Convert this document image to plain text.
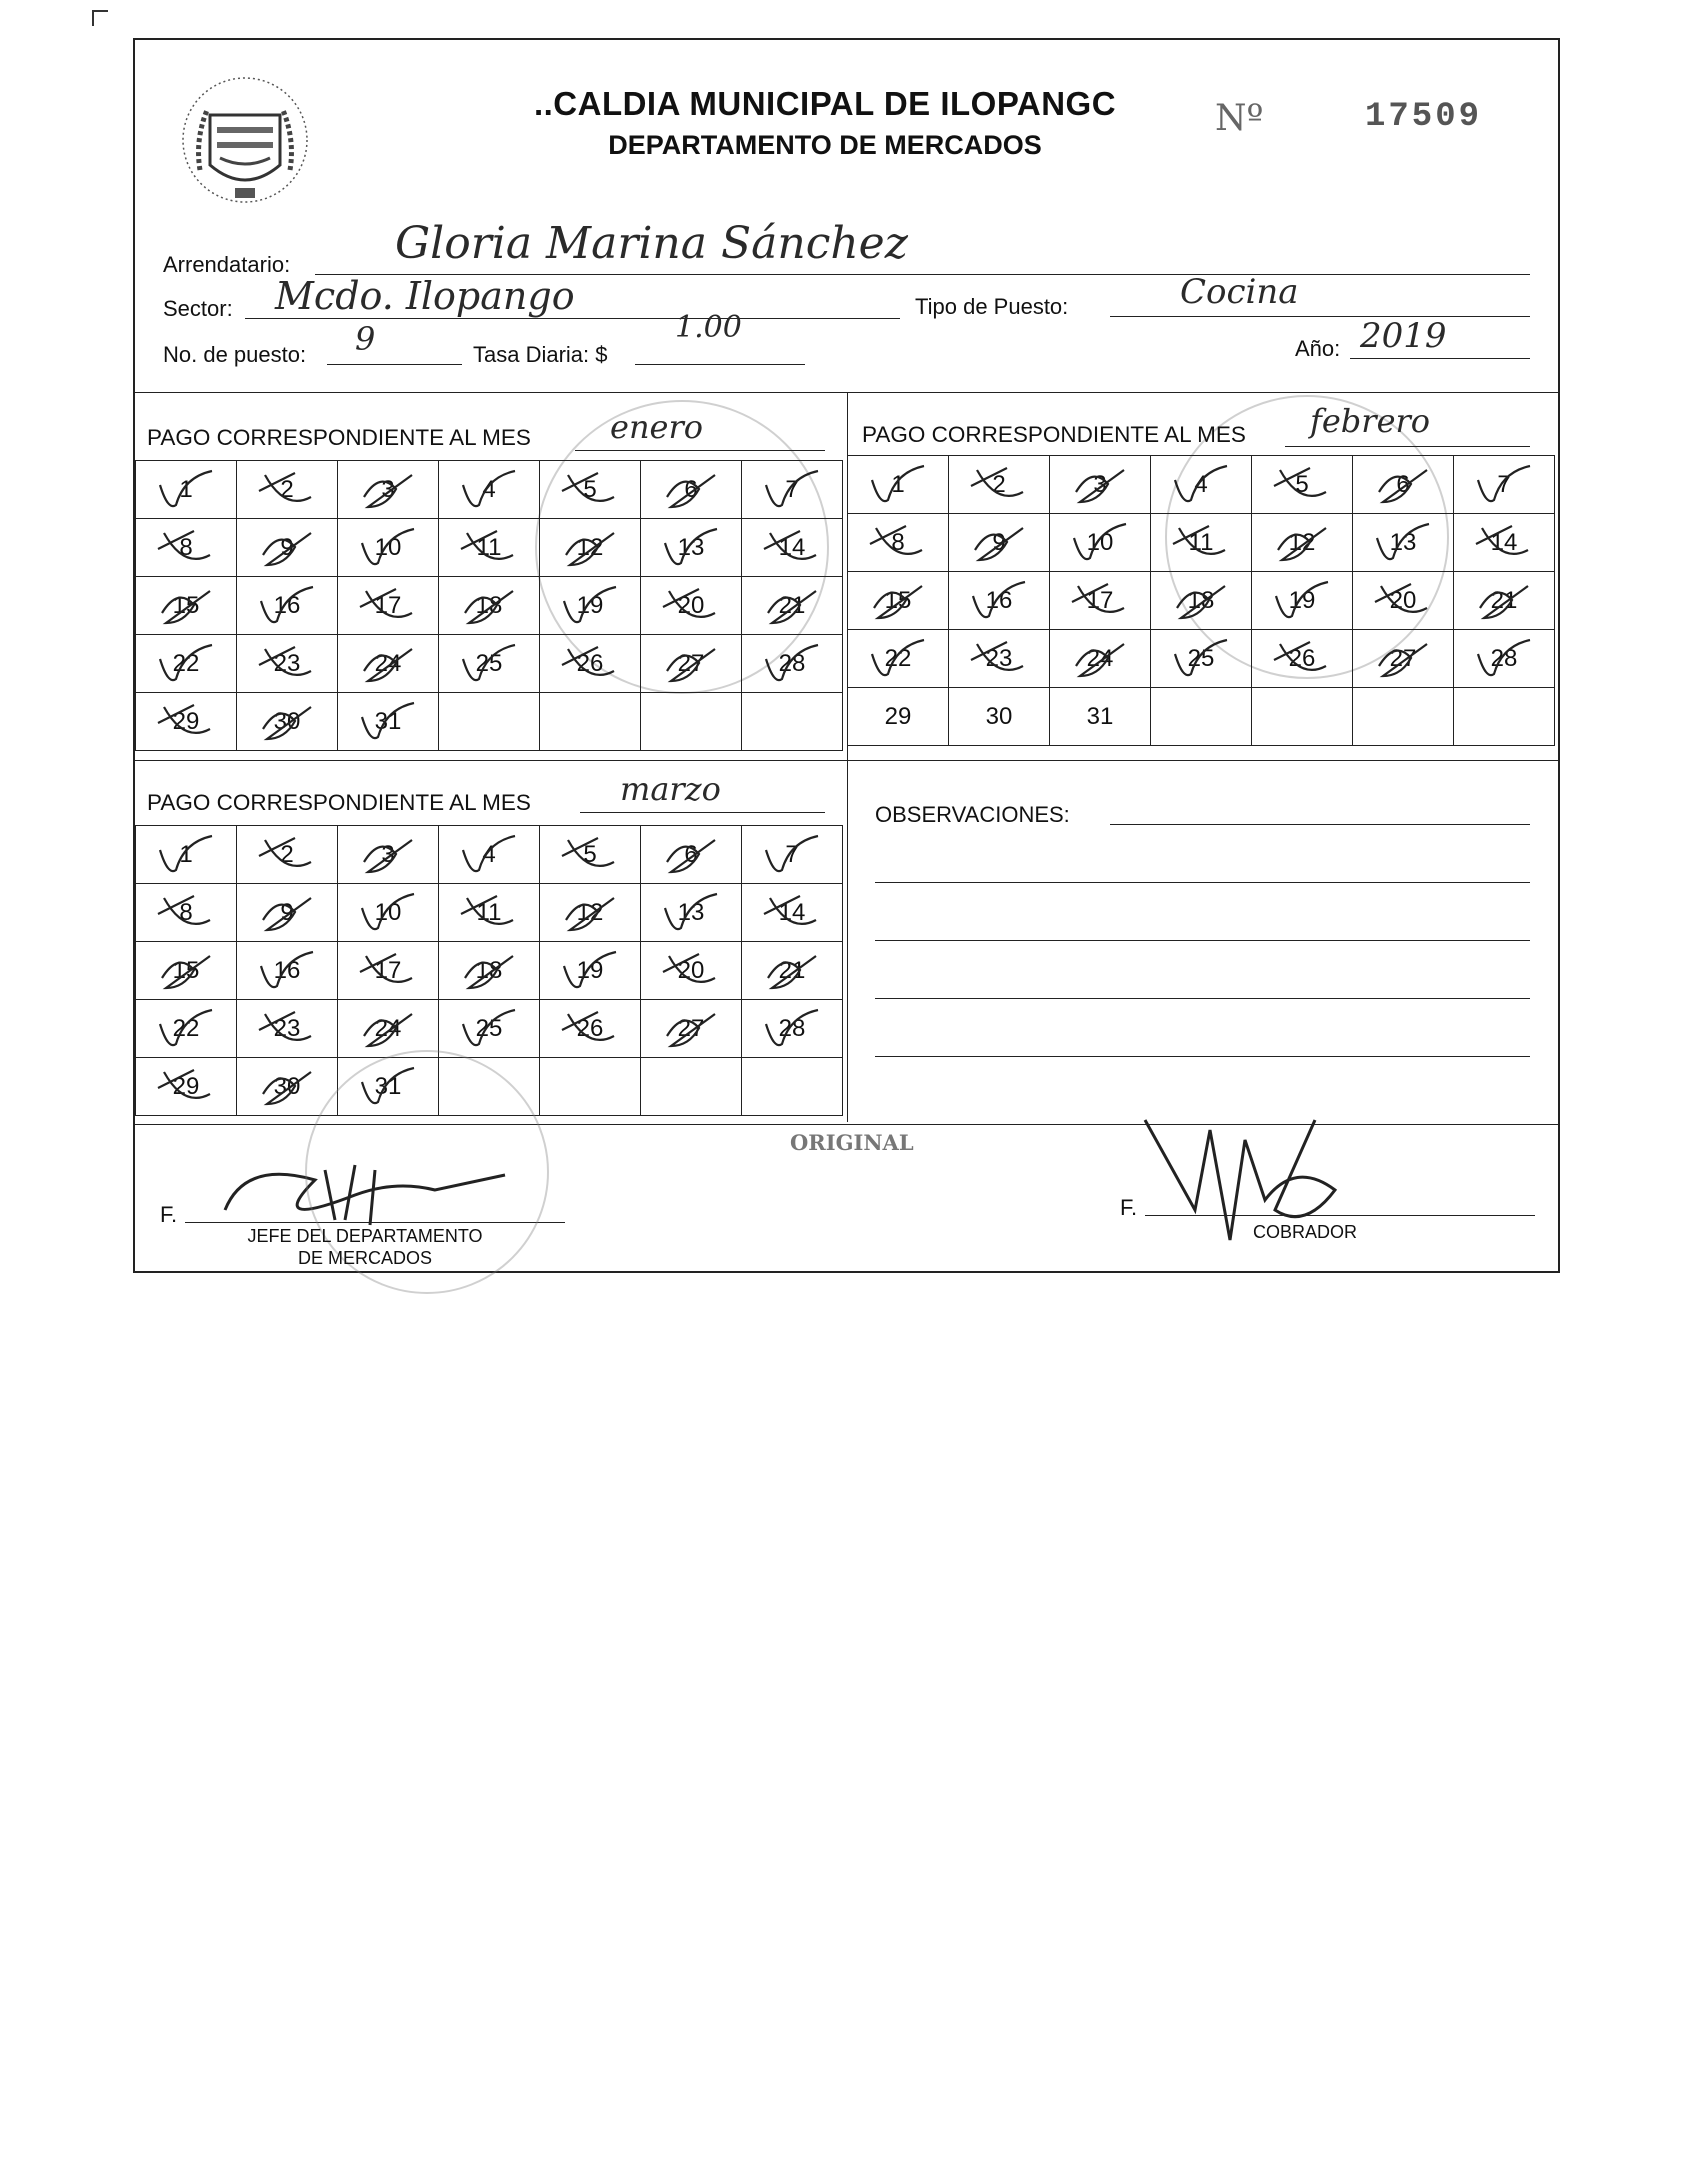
..CALDIA MUNICIPAL DE ILOPANGC
DEPARTAMENTO DE MERCADOS
Nº	17509
Arrendatario: Gloria Marina Sánchez
Sector: Mcdo. Ilopango	Tipo de Puesto:	Cocina
No. de puesto: 9	Tasa Diaria: $
1.00
Año: 2019
PAGO CORRESPONDIENTE AL MES enero
1	2	3	4	5	6	7

8	9	10	11	12	13	14

15	16	17	18	19	20	21

22	23	24	25	26	27	28

29	30	31

PAGO CORRESPONDIENTE AL MES febrero
1	2	3	4	5	6	7

8	9	10	11	12	13	14

15	16	17	18	19	20	21

22	23	24	25	26	27	28

29	30	31				
PAGO CORRESPONDIENTE AL MES	marzo
1	2	3	4	5	6	7

8	9	10	11	12	13	14

15	16	17	18	19	20	21

22	23	24	25	26	27	28

29	30	31

OBSERVACIONES:
ORIGINAL
F.
JEFE DEL DEPARTAMENTO
DE MERCADOS
F.
COBRADOR
